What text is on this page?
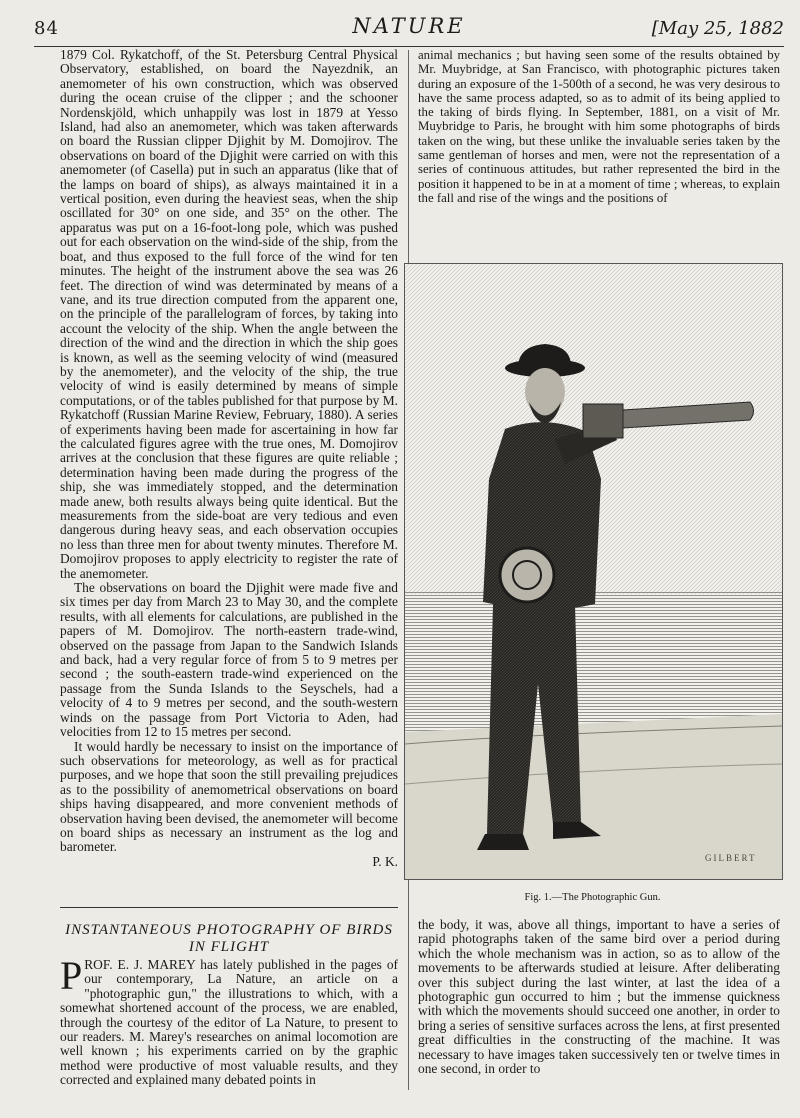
84	NATURE	[May 25, 1882

1879 Col. Rykatchoff, of the St. Petersburg Central Physical Observatory, established, on board the Nayezdnik, an anemometer of his own construction, which was observed during the ocean cruise of the clipper ; and the schooner Nordenskjöld, which unhappily was lost in 1879 at Yesso Island, had also an anemometer, which was taken afterwards on board the Russian clipper Djighit by M. Domojirov. The observations on board of the Djighit were carried on with this anemometer (of Casella) put in such an apparatus (like that of the lamps on board of ships), as always maintained it in a vertical position, even during the heaviest seas, when the ship oscillated for 30° on one side, and 35° on the other. The apparatus was put on a 16-foot-long pole, which was pushed out for each observation on the wind-side of the ship, from the boat, and thus exposed to the full force of the wind for ten minutes. The height of the instrument above the sea was 26 feet. The direction of wind was determinated by means of a vane, and its true direction computed from the apparent one, on the principle of the parallelogram of forces, by taking into account the velocity of the ship. When the angle between the direction of the wind and the direction in which the ship goes is known, as well as the seeming velocity of wind (measured by the anemometer), and the velocity of the ship, the true velocity of wind is easily determined by means of simple computations, or of the tables published for that purpose by M. Rykatchoff (Russian Marine Review, February, 1880). A series of experiments having been made for ascertaining in how far the calculated figures agree with the true ones, M. Domojirov arrives at the conclusion that these figures are quite reliable ; determination having been made during the progress of the ship, she was immediately stopped, and the determination made anew, both results always being quite identical. But the measurements from the side-boat are very tedious and even dangerous during heavy seas, and each observation occupies no less than three men for about twenty minutes. Therefore M. Domojirov proposes to apply electricity to register the rate of the anemometer.

The observations on board the Djighit were made five and six times per day from March 23 to May 30, and the complete results, with all elements for calculations, are published in the papers of M. Domojirov. The north-eastern trade-wind, observed on the passage from Japan to the Sandwich Islands and back, had a very regular force of from 5 to 9 metres per second ; the south-eastern trade-wind experienced on the passage from the Sunda Islands to the Seyschels, had a velocity of 4 to 9 metres per second, and the south-western winds on the passage from Port Victoria to Aden, had velocities from 12 to 15 metres per second.

It would hardly be necessary to insist on the importance of such observations for meteorology, as well as for practical purposes, and we hope that soon the still prevailing prejudices as to the possibility of anemometrical observations on board ships having disappeared, and more convenient methods of observation having been devised, the anemometer will become on board ships as necessary an instrument as the log and barometer.

P. K.

animal mechanics ; but having seen some of the results obtained by Mr. Muybridge, at San Francisco, with photographic pictures taken during an exposure of the 1-500th of a second, he was very desirous to have the same process adapted, so as to admit of its being applied to the taking of birds flying. In September, 1881, on a visit of Mr. Muybridge to Paris, he brought with him some photographs of birds taken on the wing, but these unlike the invaluable series taken by the same gentleman of horses and men, were not the representation of a series of continuous attitudes, but rather represented the bird in the position it happened to be in at a moment of time ; whereas, to explain the fall and rise of the wings and the positions of

GILBERT
Fig. 1.—The Photographic Gun.
INSTANTANEOUS PHOTOGRAPHY OF BIRDS IN FLIGHT
P ROF. E. J. MAREY has lately published in the pages of our contemporary, La Nature, an article on a "photographic gun," the illustrations to which, with a somewhat shortened account of the process, we are enabled, through the courtesy of the editor of La Nature, to present to our readers. M. Marey's researches on animal locomotion are well known ; his experiments carried on by the graphic method were productive of most valuable results, and they corrected and explained many debated points in

the body, it was, above all things, important to have a series of rapid photographs taken of the same bird over a period during which the whole mechanism was in action, so as to allow of the movements to be afterwards studied at leisure. After deliberating over this subject during the last winter, at last the idea of a photographic gun occurred to him ; but the immense quickness with which the movements should succeed one another, in order to bring a series of sensitive surfaces across the lens, at first presented great difficulties in the constructing of the machine. It was necessary to have images taken successively ten or twelve times in one second, in order to
